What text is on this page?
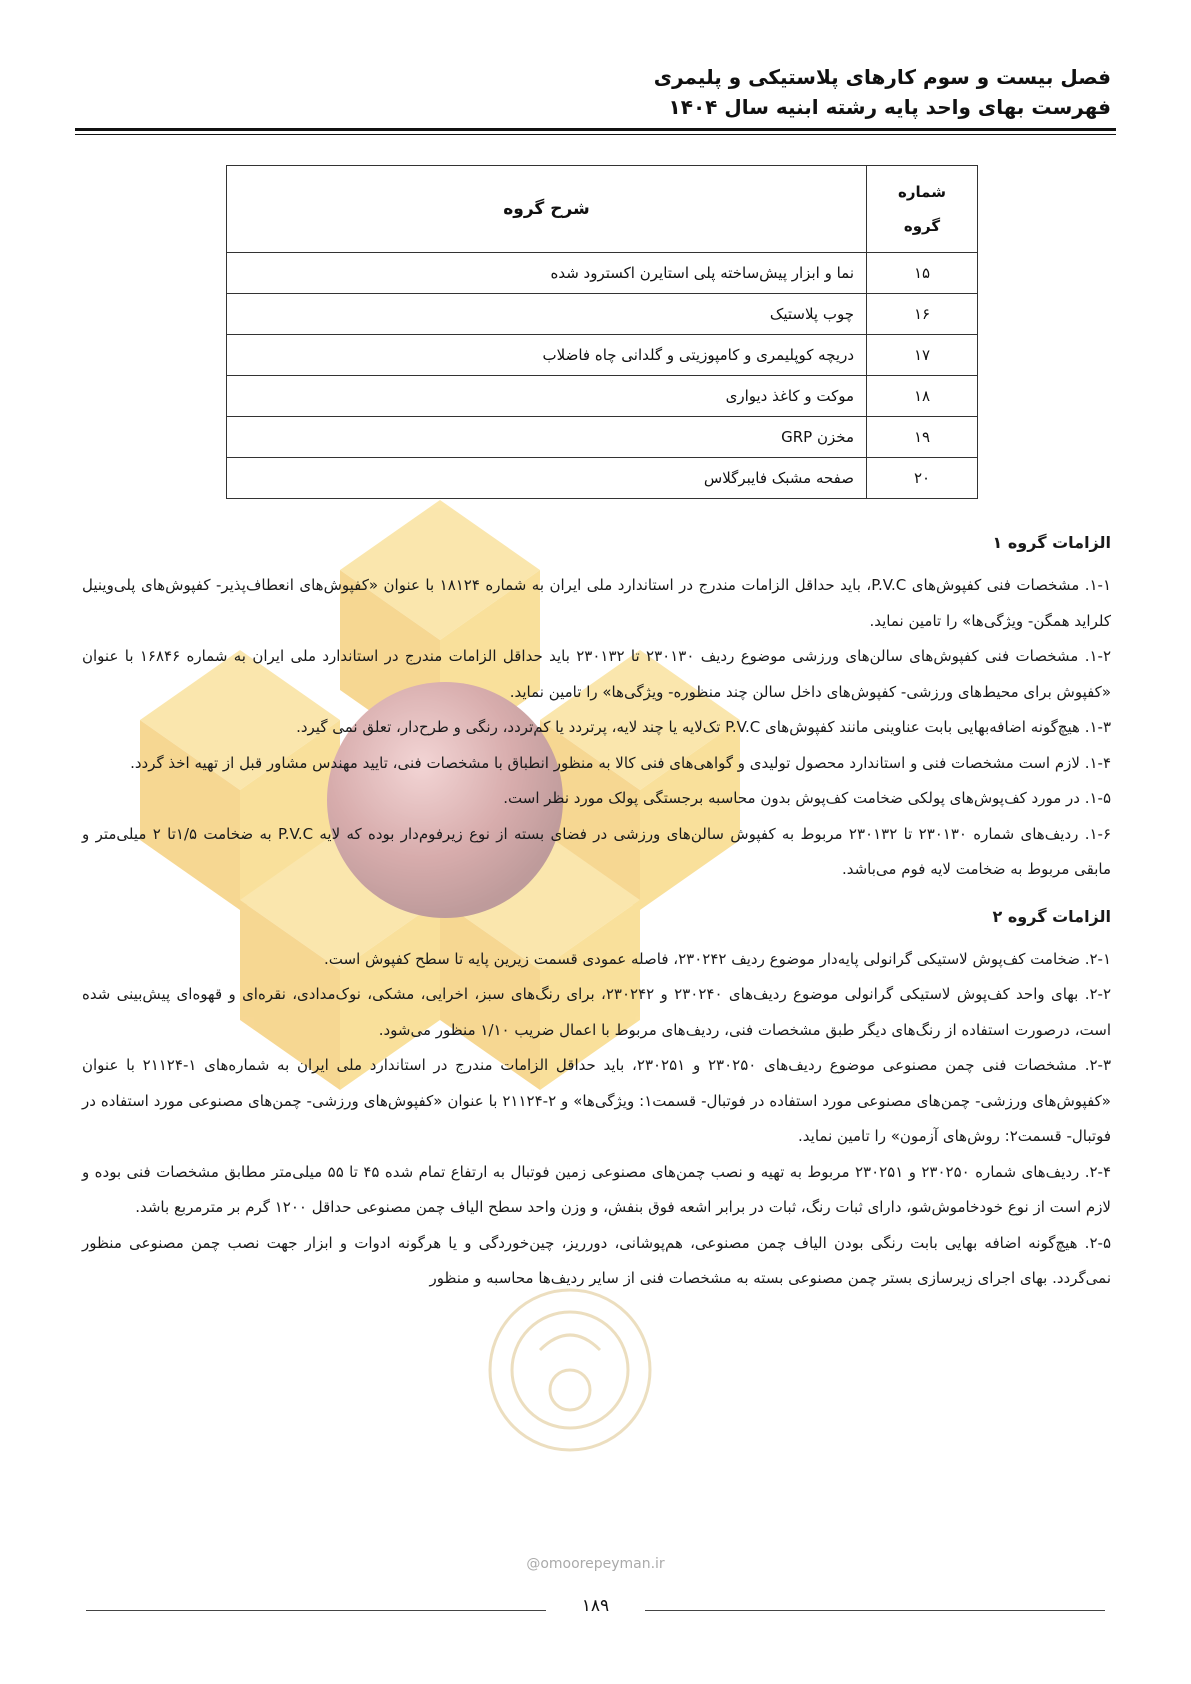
فصل بیست و سوم کارهای پلاستیکی و پلیمری
فهرست بهای واحد پایه رشته ابنیه سال ۱۴۰۴
شماره
گروه	شرح گروه
۱۵	نما و ابزار پیش‌ساخته پلی استایرن اکسترود شده
۱۶	چوب پلاستیک
۱۷	دریچه کوپلیمری و کامپوزیتی و گلدانی چاه فاضلاب
۱۸	موکت و کاغذ دیواری
۱۹	مخزن GRP
۲۰	صفحه مشبک فایبرگلاس
الزامات گروه ۱

۱-۱. مشخصات فنی کفپوش‌های P.V.C، باید حداقل الزامات مندرج در استاندارد ملی ایران به شماره ۱۸۱۲۴ با عنوان «کفپوش‌های انعطاف‌پذیر- کفپوش‌های پلی‌وینیل کلراید همگن- ویژگی‌ها» را تامین نماید.

۱-۲. مشخصات فنی کفپوش‌های سالن‌های ورزشی موضوع ردیف ۲۳۰۱۳۰ تا ۲۳۰۱۳۲ باید حداقل الزامات مندرج در استاندارد ملی ایران به شماره ۱۶۸۴۶ با عنوان «کفپوش برای محیط‌های ورزشی- کفپوش‌های داخل سالن چند منظوره- ویژگی‌ها» را تامین نماید.

۱-۳. هیچ‌گونه اضافه‌بهایی بابت عناوینی مانند کفپوش‌های P.V.C تک‌لایه یا چند لایه، پرتردد یا کم‌تردد، رنگی و طرح‌دار، تعلق نمی گیرد.

۱-۴. لازم است مشخصات فنی و استاندارد محصول تولیدی و گواهی‌های فنی کالا به منظور انطباق با مشخصات فنی، تایید مهندس مشاور قبل از تهیه اخذ گردد.

۱-۵. در مورد کف‌پوش‌های پولکی ضخامت کف‌پوش بدون محاسبه برجستگی پولک مورد نظر است.

۱-۶. ردیف‌های شماره ۲۳۰۱۳۰ تا ۲۳۰۱۳۲ مربوط به کفپوش سالن‌های ورزشی در فضای بسته از نوع زیرفوم‌دار بوده که لایه P.V.C به ضخامت ۱/۵تا ۲ میلی‌متر و مابقی مربوط به ضخامت لایه فوم می‌باشد.

الزامات گروه ۲

۲-۱. ضخامت کف‌پوش لاستیکی گرانولی پایه‌دار موضوع ردیف ۲۳۰۲۴۲، فاصله عمودی قسمت زیرین پایه تا سطح کفپوش است.

۲-۲. بهای واحد کف‌پوش لاستیکی گرانولی موضوع ردیف‌های ۲۳۰۲۴۰ و ۲۳۰۲۴۲، برای رنگ‌های سبز، اخرایی، مشکی، نوک‌مدادی، نقره‌ای و قهوه‌ای پیش‌بینی شده است، درصورت استفاده از رنگ‌های دیگر طبق مشخصات فنی، ردیف‌های مربوط با اعمال ضریب ۱/۱۰ منظور می‌شود.

۲-۳. مشخصات فنی چمن مصنوعی موضوع ردیف‌های ۲۳۰۲۵۰ و ۲۳۰۲۵۱، باید حداقل الزامات مندرج در استاندارد ملی ایران به شماره‌های ۱-۲۱۱۲۴ با عنوان «کفپوش‌های ورزشی- چمن‌های مصنوعی مورد استفاده در فوتبال- قسمت۱: ویژگی‌ها» و ۲-۲۱۱۲۴ با عنوان «کفپوش‌های ورزشی- چمن‌های مصنوعی مورد استفاده در فوتبال- قسمت۲: روش‌های آزمون» را تامین نماید.

۲-۴. ردیف‌های شماره ۲۳۰۲۵۰ و ۲۳۰۲۵۱ مربوط به تهیه و نصب چمن‌های مصنوعی زمین فوتبال به ارتفاع تمام شده ۴۵ تا ۵۵ میلی‌متر مطابق مشخصات فنی بوده و لازم است از نوع خودخاموش‌شو، دارای ثبات رنگ، ثبات در برابر اشعه فوق بنفش، و وزن واحد سطح الیاف چمن مصنوعی حداقل ۱۲۰۰ گرم بر مترمربع باشد.

۲-۵. هیچ‌گونه اضافه بهایی بابت رنگی بودن الیاف چمن مصنوعی، هم‌پوشانی، دورریز، چین‌خوردگی و یا هرگونه ادوات و ابزار جهت نصب چمن مصنوعی منظور نمی‌گردد. بهای اجرای زیرسازی بستر چمن مصنوعی بسته به مشخصات فنی از سایر ردیف‌ها محاسبه و منظور

@omoorepeyman.ir
۱۸۹
